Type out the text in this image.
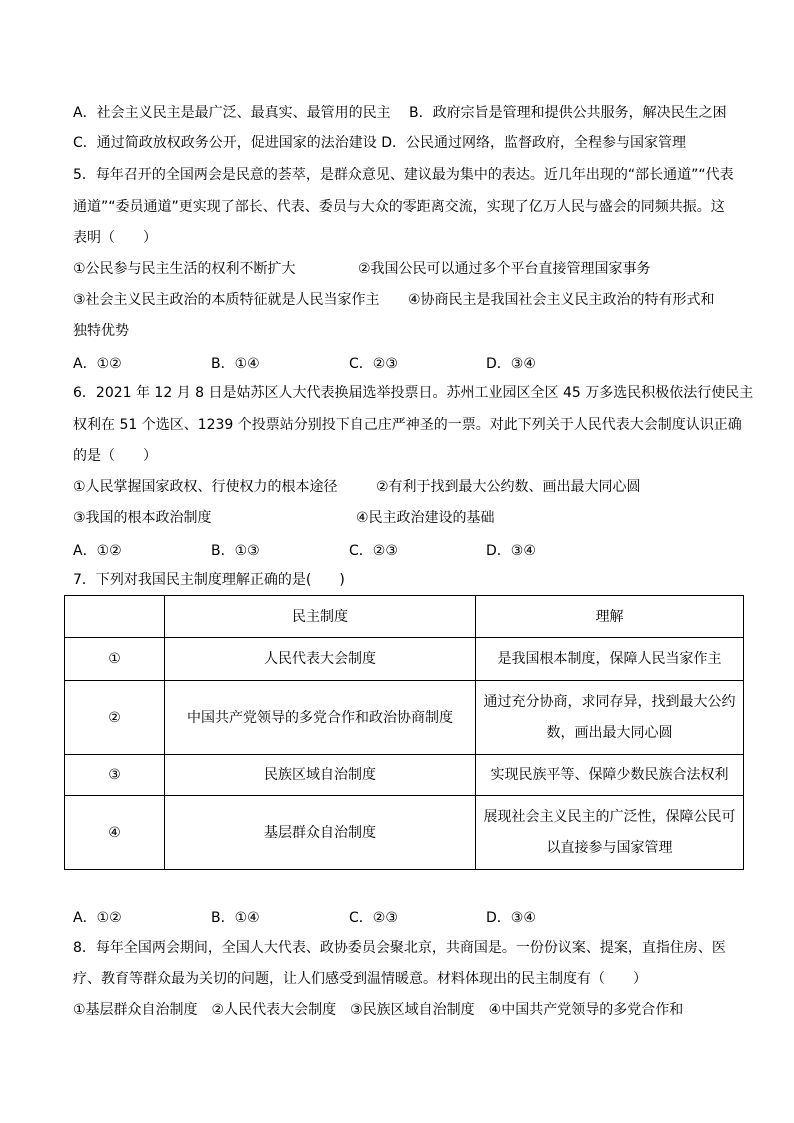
A．社会主义民主是最广泛、最真实、最管用的民主　 B．政府宗旨是管理和提供公共服务，解决民生之困
C．通过简政放权政务公开，促进国家的法治建设 D．公民通过网络，监督政府，全程参与国家管理
5．每年召开的全国两会是民意的荟萃，是群众意见、建议最为集中的表达。近几年出现的“部长通道”“代表
通道”“委员通道”更实现了部长、代表、委员与大众的零距离交流，实现了亿万人民与盛会的同频共振。这
表明（　　）
①公民参与民主生活的权利不断扩大	②我国公民可以通过多个平台直接管理国家事务
③社会主义民主政治的本质特征就是人民当家作主 ④协商民主是我国社会主义民主政治的特有形式和
独特优势
A．①②	B．①④	C．②③	D．③④
6．2021 年 12 月 8 日是姑苏区人大代表换届选举投票日。苏州工业园区全区 45 万多选民积极依法行使民主
权利在 51 个选区、1239 个投票站分别投下自己庄严神圣的一票。对此下列关于人民代表大会制度认识正确
的是（　　）
①人民掌握国家政权、行使权力的根本途径	②有利于找到最大公约数、画出最大同心圆
③我国的根本政治制度	④民主政治建设的基础
A．①②	B．①③	C．②③	D．③④
7．下列对我国民主制度理解正确的是(　　)
	民主制度	理解
①	人民代表大会制度	是我国根本制度，保障人民当家作主
②	中国共产党领导的多党合作和政治协商制度	通过充分协商，求同存异，找到最大公约
数，画出最大同心圆

③	民族区域自治制度	实现民族平等、保障少数民族合法权利
④	基层群众自治制度	展现社会主义民主的广泛性，保障公民可
以直接参与国家管理
A．①②	B．①④	C．②③	D．③④
8．每年全国两会期间，全国人大代表、政协委员会聚北京，共商国是。一份份议案、提案，直指住房、医
疗、教育等群众最为关切的问题，让人们感受到温情暖意。材料体现出的民主制度有（　　）
①基层群众自治制度　②人民代表大会制度　③民族区域自治制度　④中国共产党领导的多党合作和
